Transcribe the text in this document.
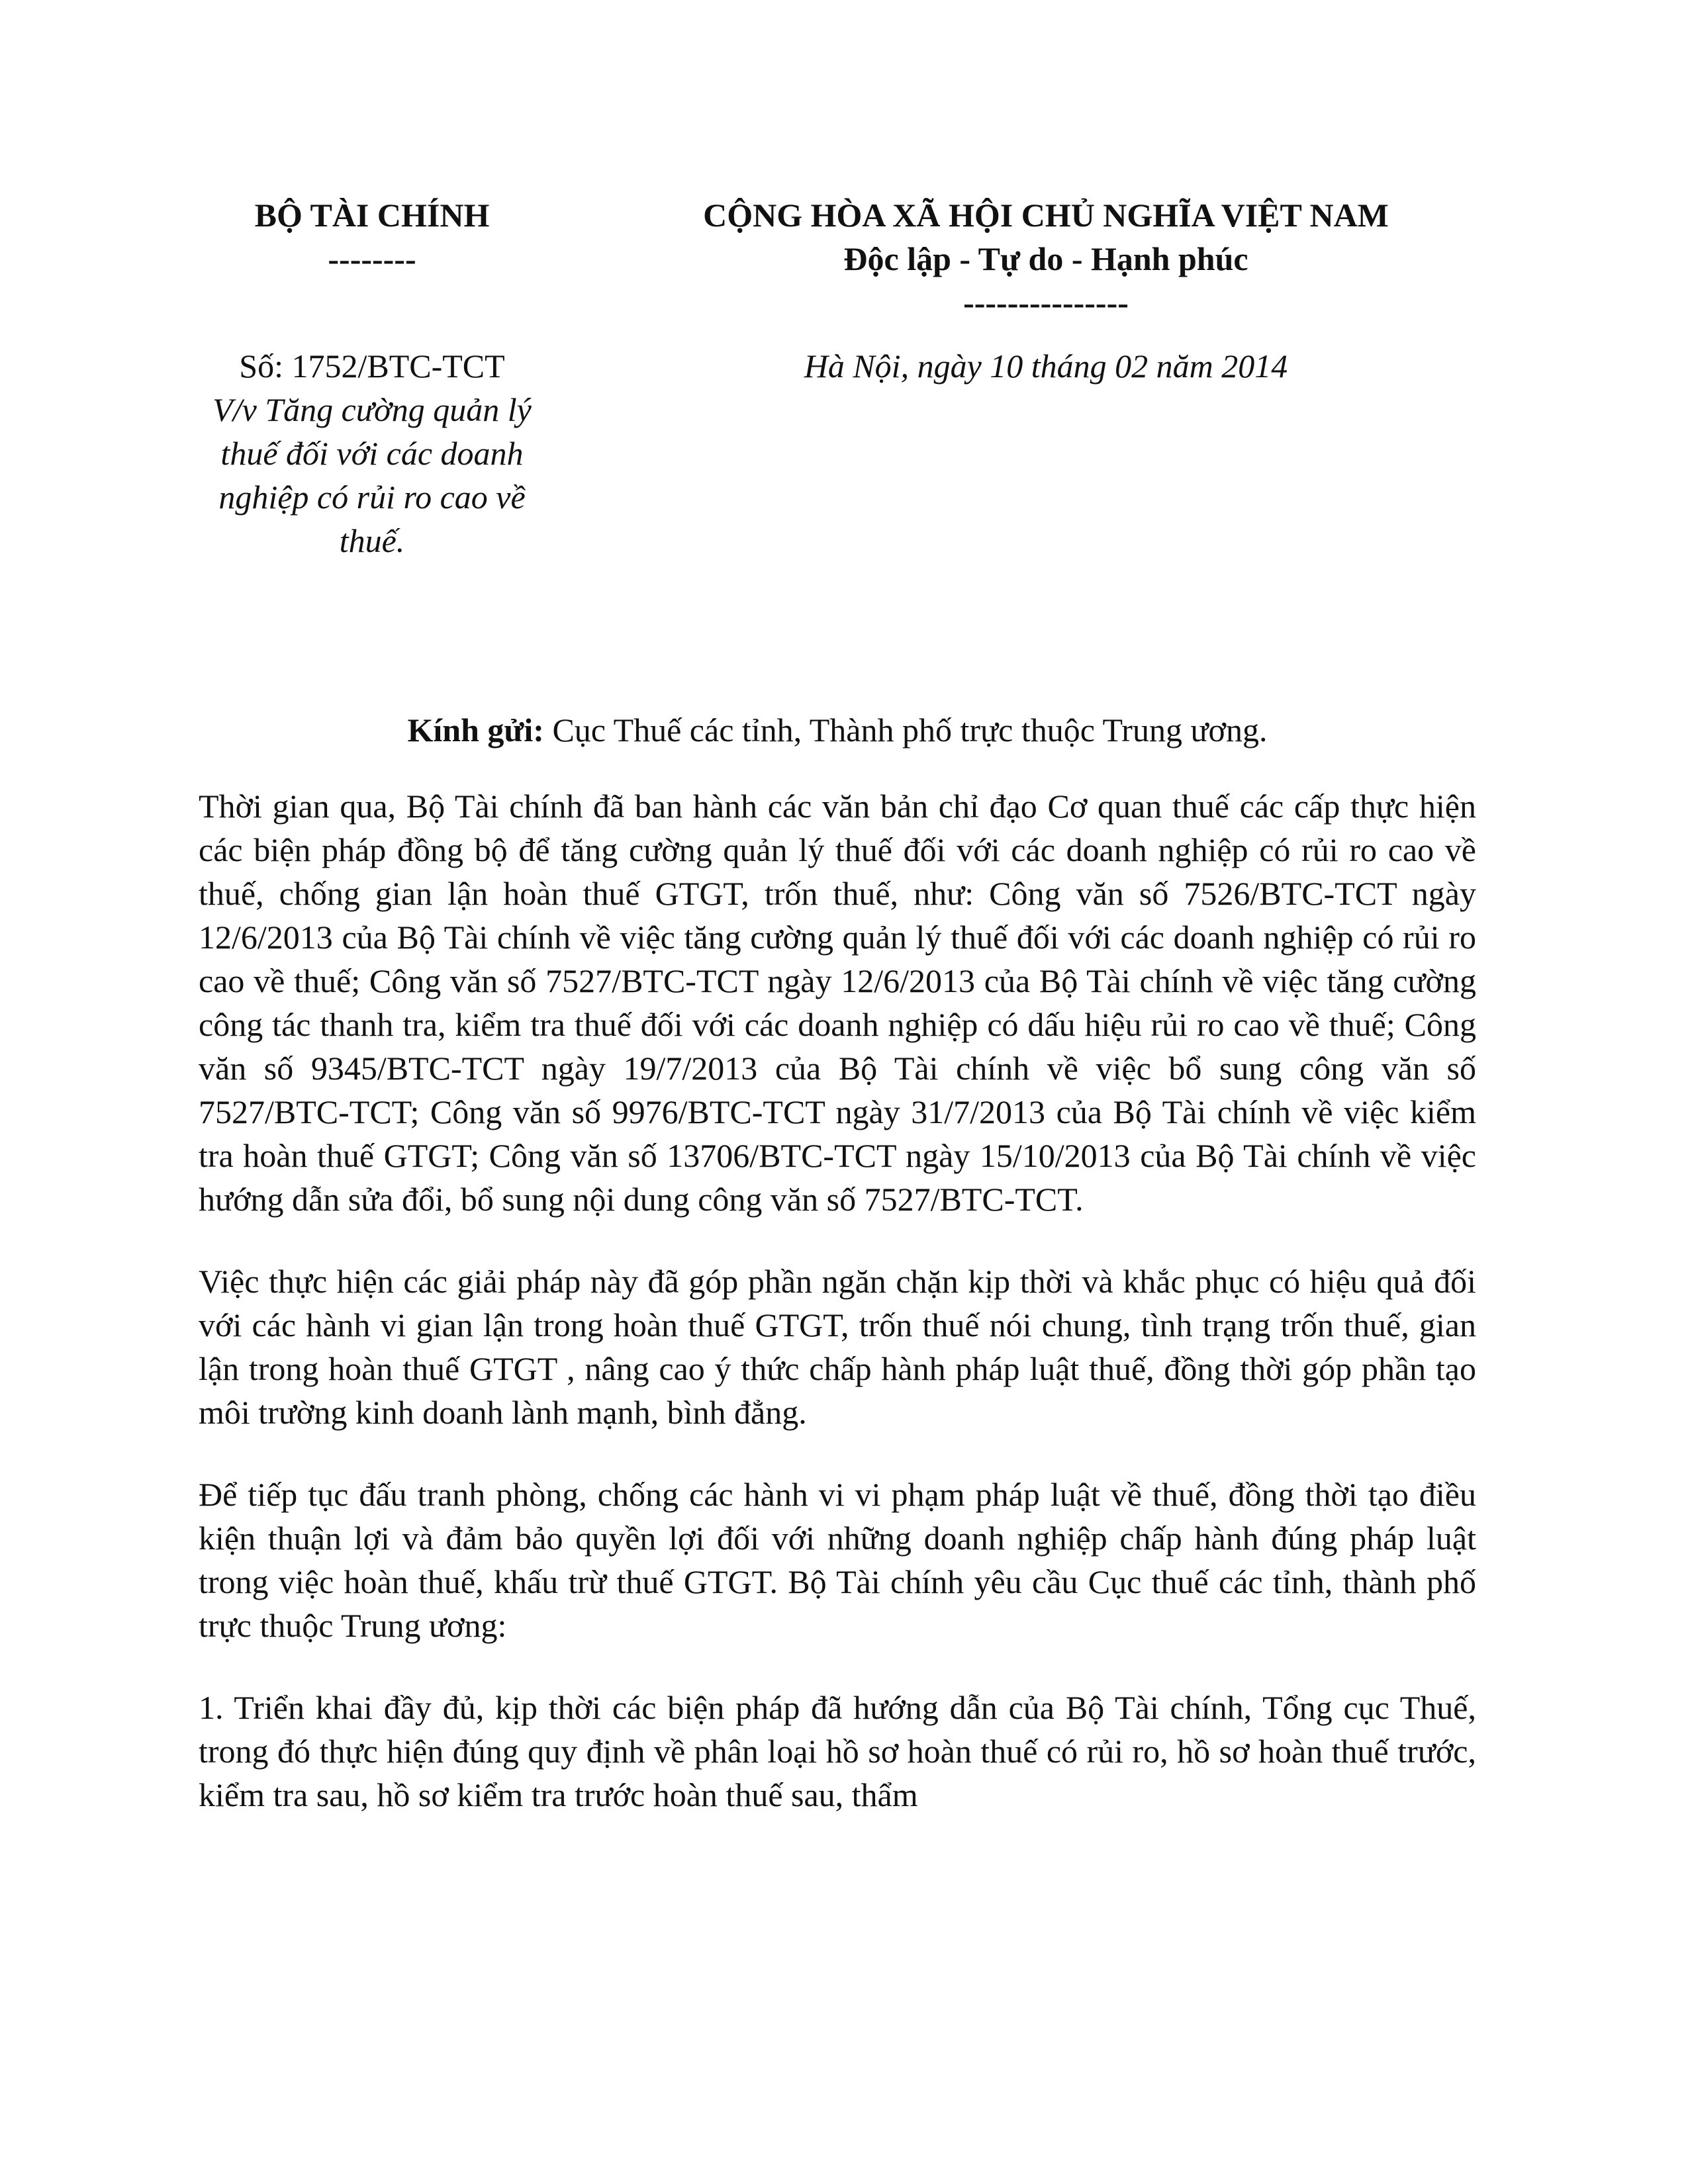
BỘ TÀI CHÍNH
--------
CỘNG HÒA XÃ HỘI CHỦ NGHĨA VIỆT NAM
Độc lập - Tự do - Hạnh phúc
---------------
Số: 1752/BTC-TCT
V/v Tăng cường quản lý thuế đối với các doanh nghiệp có rủi ro cao về thuế.
Hà Nội, ngày 10 tháng 02 năm 2014
Kính gửi: Cục Thuế các tỉnh, Thành phố trực thuộc Trung ương.

Thời gian qua, Bộ Tài chính đã ban hành các văn bản chỉ đạo Cơ quan thuế các cấp thực hiện các biện pháp đồng bộ để tăng cường quản lý thuế đối với các doanh nghiệp có rủi ro cao về thuế, chống gian lận hoàn thuế GTGT, trốn thuế, như: Công văn số 7526/BTC-TCT ngày 12/6/2013 của Bộ Tài chính về việc tăng cường quản lý thuế đối với các doanh nghiệp có rủi ro cao về thuế; Công văn số 7527/BTC-TCT ngày 12/6/2013 của Bộ Tài chính về việc tăng cường công tác thanh tra, kiểm tra thuế đối với các doanh nghiệp có dấu hiệu rủi ro cao về thuế; Công văn số 9345/BTC-TCT ngày 19/7/2013 của Bộ Tài chính về việc bổ sung công văn số 7527/BTC-TCT; Công văn số 9976/BTC-TCT ngày 31/7/2013 của Bộ Tài chính về việc kiểm tra hoàn thuế GTGT; Công văn số 13706/BTC-TCT ngày 15/10/2013 của Bộ Tài chính về việc hướng dẫn sửa đổi, bổ sung nội dung công văn số 7527/BTC-TCT.

Việc thực hiện các giải pháp này đã góp phần ngăn chặn kịp thời và khắc phục có hiệu quả đối với các hành vi gian lận trong hoàn thuế GTGT, trốn thuế nói chung, tình trạng trốn thuế, gian lận trong hoàn thuế GTGT , nâng cao ý thức chấp hành pháp luật thuế, đồng thời góp phần tạo môi trường kinh doanh lành mạnh, bình đẳng.

Để tiếp tục đấu tranh phòng, chống các hành vi vi phạm pháp luật về thuế, đồng thời tạo điều kiện thuận lợi và đảm bảo quyền lợi đối với những doanh nghiệp chấp hành đúng pháp luật trong việc hoàn thuế, khấu trừ thuế GTGT. Bộ Tài chính yêu cầu Cục thuế các tỉnh, thành phố trực thuộc Trung ương:

1. Triển khai đầy đủ, kịp thời các biện pháp đã hướng dẫn của Bộ Tài chính, Tổng cục Thuế, trong đó thực hiện đúng quy định về phân loại hồ sơ hoàn thuế có rủi ro, hồ sơ hoàn thuế trước, kiểm tra sau, hồ sơ kiểm tra trước hoàn thuế sau, thẩm
